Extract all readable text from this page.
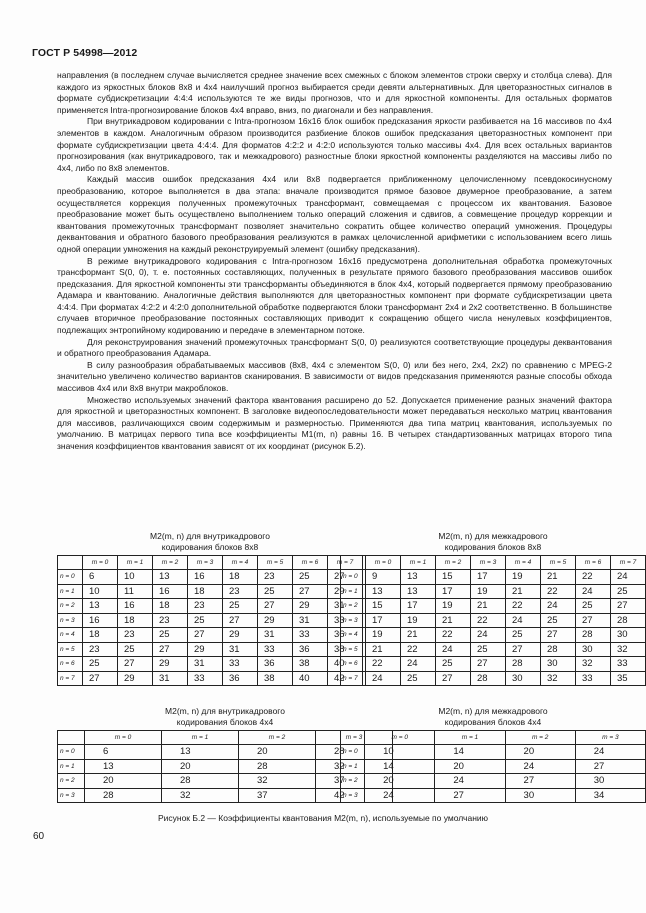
ГОСТ Р 54998—2012

направления (в последнем случае вычисляется среднее значение всех смежных с блоком элементов строки сверху и столбца слева). Для каждого из яркостных блоков 8x8 и 4x4 наилучший прогноз выбирается среди девяти альтернативных. Для цветоразностных сигналов в формате субдискретизации 4:4:4 используются те же виды прогнозов, что и для яркостной компоненты. Для остальных форматов применяется Intra-прогнозирование блоков 4x4 вправо, вниз, по диагонали и без направления.

При внутрикадровом кодировании с Intra-прогнозом 16x16 блок ошибок предсказания яркости разбивается на 16 массивов по 4x4 элементов в каждом. Аналогичным образом производится разбиение блоков ошибок предсказания цветоразностных компонент при формате субдискретизации цвета 4:4:4. Для форматов 4:2:2 и 4:2:0 используются только массивы 4x4. Для всех остальных вариантов прогнозирования (как внутрикадрового, так и межкадрового) разностные блоки яркостной компоненты разделяются на массивы либо по 4x4, либо по 8x8 элементов.

Каждый массив ошибок предсказания 4x4 или 8x8 подвергается приближенному целочисленному псевдокосинусному преобразованию, которое выполняется в два этапа: вначале производится прямое базовое двумерное преобразование, а затем осуществляется коррекция полученных промежуточных трансформант, совмещаемая с процессом их квантования. Базовое преобразование может быть осуществлено выполнением только операций сложения и сдвигов, а совмещение процедур коррекции и квантования промежуточных трансформант позволяет значительно сократить общее количество операций умножения. Процедуры деквантования и обратного базового преобразования реализуются в рамках целочисленной арифметики с использованием всего лишь одной операции умножения на каждый реконструируемый элемент (ошибку предсказания).

В режиме внутрикадрового кодирования с Intra-прогнозом 16x16 предусмотрена дополнительная обработка промежуточных трансформант S(0, 0), т. е. постоянных составляющих, полученных в результате прямого базового преобразования массивов ошибок предсказания. Для яркостной компоненты эти трансформанты объединяются в блок 4x4, который подвергается прямому преобразованию Адамара и квантованию. Аналогичные действия выполняются для цветоразностных компонент при формате субдискретизации цвета 4:4:4. При форматах 4:2:2 и 4:2:0 дополнительной обработке подвергаются блоки трансформант 2x4 и 2x2 соответственно. В большинстве случаев вторичное преобразование постоянных составляющих приводит к сокращению общего числа ненулевых коэффициентов, подлежащих энтропийному кодированию и передаче в элементарном потоке.

Для реконструирования значений промежуточных трансформант S(0, 0) реализуются соответствующие процедуры деквантования и обратного преобразования Адамара.

В силу разнообразия обрабатываемых массивов (8x8, 4x4 с элементом S(0, 0) или без него, 2x4, 2x2) по сравнению с MPEG-2 значительно увеличено количество вариантов сканирования. В зависимости от видов предсказания применяются разные способы обхода массивов 4x4 или 8x8 внутри макроблоков.

Множество используемых значений фактора квантования расширено до 52. Допускается применение разных значений фактора для яркостной и цветоразностных компонент. В заголовке видеопоследовательности может передаваться несколько матриц квантования для массивов, различающихся своим содержимым и размерностью. Применяются два типа матриц квантования, используемых по умолчанию. В матрицах первого типа все коэффициенты M1(m, n) равны 16. В четырех стандартизованных матрицах второго типа значения коэффициентов квантования зависят от их координат (рисунок Б.2).

M2(m, n) для внутрикадрового
кодирования блоков 8x8
	m = 0	m = 1	m = 2	m = 3	m = 4	m = 5	m = 6	m = 7
n = 0	6	10	13	16	18	23	25	27
n = 1	10	11	16	18	23	25	27	29
n = 2	13	16	18	23	25	27	29	31
n = 3	16	18	23	25	27	29	31	33
n = 4	18	23	25	27	29	31	33	36
n = 5	23	25	27	29	31	33	36	38
n = 6	25	27	29	31	33	36	38	40
n = 7	27	29	31	33	36	38	40	42
M2(m, n) для межкадрового
кодирования блоков 8x8
	m = 0	m = 1	m = 2	m = 3	m = 4	m = 5	m = 6	m = 7
n = 0	9	13	15	17	19	21	22	24
n = 1	13	13	17	19	21	22	24	25
n = 2	15	17	19	21	22	24	25	27
n = 3	17	19	21	22	24	25	27	28
n = 4	19	21	22	24	25	27	28	30
n = 5	21	22	24	25	27	28	30	32
n = 6	22	24	25	27	28	30	32	33
n = 7	24	25	27	28	30	32	33	35
M2(m, n) для внутрикадрового
кодирования блоков 4x4
	m = 0	m = 1	m = 2	m = 3
n = 0	6	13	20	28
n = 1	13	20	28	32
n = 2	20	28	32	37
n = 3	28	32	37	42
M2(m, n) для межкадрового
кодирования блоков 4x4
	m = 0	m = 1	m = 2	m = 3
n = 0	10	14	20	24
n = 1	14	20	24	27
n = 2	20	24	27	30
n = 3	24	27	30	34
Рисунок Б.2 — Коэффициенты квантования M2(m, n), используемые по умолчанию
60
